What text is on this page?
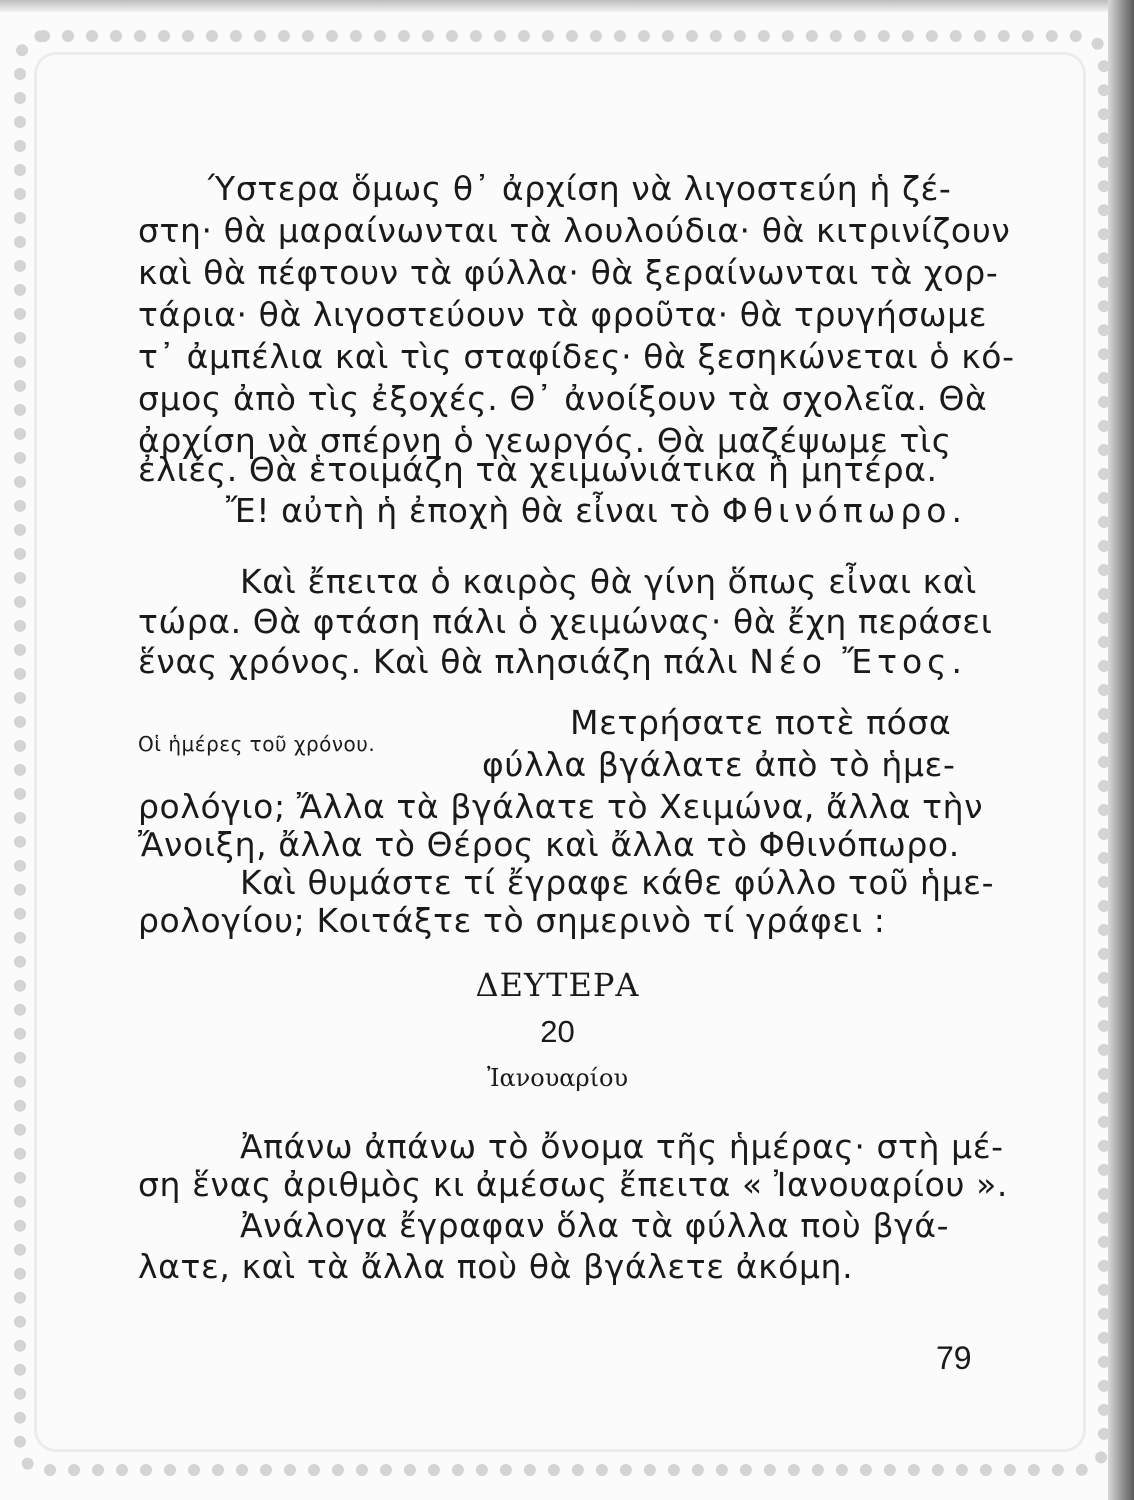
Ύστερα ὅμως θ᾽ ἀρχίση νὰ λιγοστεύη ἡ ζέ-
στη· θὰ μαραίνωνται τὰ λουλούδια· θὰ κιτρινίζουν
καὶ θὰ πέφτουν τὰ φύλλα· θὰ ξεραίνωνται τὰ χορ-
τάρια· θὰ λιγοστεύουν τὰ φροῦτα· θὰ τρυγήσωμε
τ᾽ ἀμπέλια καὶ τὶς σταφίδες· θὰ ξεσηκώνεται ὁ κό-
σμος ἀπὸ τὶς ἐξοχές. Θ᾽ ἀνοίξουν τὰ σχολεῖα. Θὰ
ἀρχίση νὰ σπέρνη ὁ γεωργός. Θὰ μαζέψωμε τὶς
ἐλιές. Θὰ ἑτοιμάζη τὰ χειμωνιάτικα ἡ μητέρα.
Ἔ! αὐτὴ ἡ ἐποχὴ θὰ εἶναι τὸ Φθινόπωρο.
Καὶ ἔπειτα ὁ καιρὸς θὰ γίνη ὅπως εἶναι καὶ
τώρα. Θὰ φτάση πάλι ὁ χειμώνας· θὰ ἔχη περάσει
ἕνας χρόνος. Καὶ θὰ πλησιάζη πάλι Νέο Ἔτος.
Οἱ ἡμέρες τοῦ χρόνου.
Μετρήσατε ποτὲ πόσα
φύλλα βγάλατε ἀπὸ τὸ ἡμε-
ρολόγιο; Ἄλλα τὰ βγάλατε τὸ Χειμώνα, ἄλλα τὴν
Ἄνοιξη, ἄλλα τὸ Θέρος καὶ ἄλλα τὸ Φθινόπωρο.
Καὶ θυμάστε τί ἔγραφε κάθε φύλλο τοῦ ἡμε-
ρολογίου; Κοιτάξτε τὸ σημερινὸ τί γράφει :
ΔΕΥΤΕΡΑ
20
Ἰανουαρίου
Ἀπάνω ἀπάνω τὸ ὄνομα τῆς ἡμέρας· στὴ μέ-
ση ἕνας ἀριθμὸς κι ἀμέσως ἔπειτα « Ἰανουαρίου ».
Ἀνάλογα ἔγραφαν ὅλα τὰ φύλλα ποὺ βγά-
λατε, καὶ τὰ ἄλλα ποὺ θὰ βγάλετε ἀκόμη.
79
